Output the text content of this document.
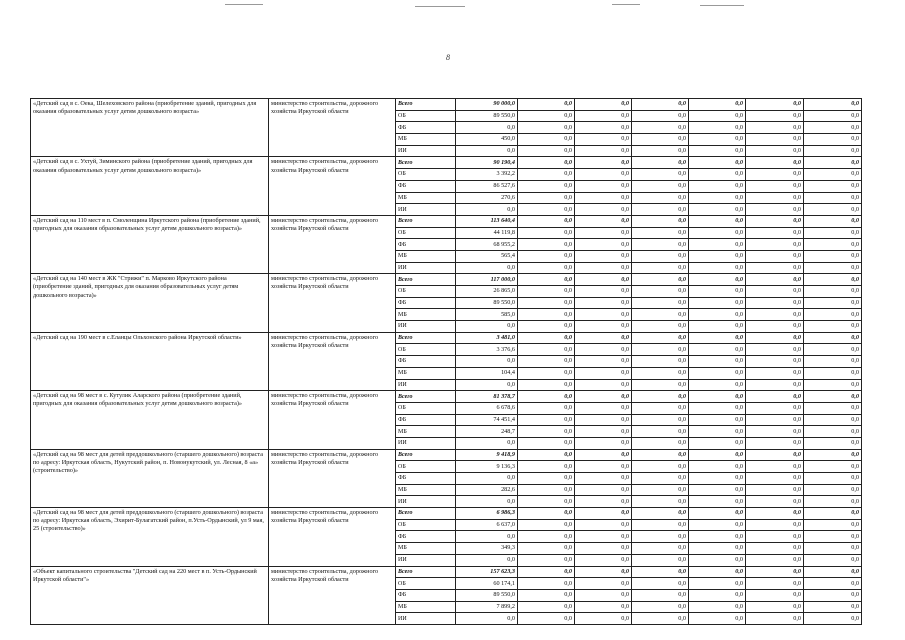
8
«Детский сад в с. Оека, Шелеховского района (приобретение зданий, пригодных для оказания образовательных услуг детям дошкольного возраста»	министерство строительства, дорожного хозяйства Иркутской области	Всего	90 000,0	0,0	0,0	0,0	0,0	0,0	0,0
		ОБ	89 550,0	0,0	0,0	0,0	0,0	0,0	0,0
		ФБ	0,0	0,0	0,0	0,0	0,0	0,0	0,0
		МБ	450,0	0,0	0,0	0,0	0,0	0,0	0,0
		ИИ	0,0	0,0	0,0	0,0	0,0	0,0	0,0
«Детский сад в с. Ухтуй, Зиминского района (приобретение зданий, пригодных для оказания образовательных услуг детям дошкольного возраста)»	министерство строительства, дорожного хозяйства Иркутской области	Всего	90 190,4	0,0	0,0	0,0	0,0	0,0	0,0
		ОБ	3 392,2	0,0	0,0	0,0	0,0	0,0	0,0
		ФБ	86 527,6	0,0	0,0	0,0	0,0	0,0	0,0
		МБ	270,6	0,0	0,0	0,0	0,0	0,0	0,0
		ИИ	0,0	0,0	0,0	0,0	0,0	0,0	0,0
«Детский сад на 110 мест в п. Смоленщина Иркутского района (приобретение зданий, пригодных для оказания образовательных услуг детям дошкольного возраста)»	министерство строительства, дорожного хозяйства Иркутской области	Всего	113 640,4	0,0	0,0	0,0	0,0	0,0	0,0
		ОБ	44 119,8	0,0	0,0	0,0	0,0	0,0	0,0
		ФБ	68 955,2	0,0	0,0	0,0	0,0	0,0	0,0
		МБ	565,4	0,0	0,0	0,0	0,0	0,0	0,0
		ИИ	0,0	0,0	0,0	0,0	0,0	0,0	0,0
«Детский сад на 140 мест в ЖК "Стрижи" п. Марково Иркутского района (приобретение зданий, пригодных для оказания образовательных услуг детям дошкольного возраста)»	министерство строительства, дорожного хозяйства Иркутской области	Всего	117 000,0	0,0	0,0	0,0	0,0	0,0	0,0
		ОБ	26 865,0	0,0	0,0	0,0	0,0	0,0	0,0
		ФБ	89 550,0	0,0	0,0	0,0	0,0	0,0	0,0
		МБ	585,0	0,0	0,0	0,0	0,0	0,0	0,0
		ИИ	0,0	0,0	0,0	0,0	0,0	0,0	0,0
«Детский сад на 190 мест в с.Еланцы Ольхонского района Иркутской области»	министерство строительства, дорожного хозяйства Иркутской области	Всего	3 481,0	0,0	0,0	0,0	0,0	0,0	0,0
		ОБ	3 376,6	0,0	0,0	0,0	0,0	0,0	0,0
		ФБ	0,0	0,0	0,0	0,0	0,0	0,0	0,0
		МБ	104,4	0,0	0,0	0,0	0,0	0,0	0,0
		ИИ	0,0	0,0	0,0	0,0	0,0	0,0	0,0
«Детский сад на 98 мест в с. Кутулик Аларского района (приобретение зданий, пригодных для оказания образовательных услуг детям дошкольного возраста)»	министерство строительства, дорожного хозяйства Иркутской области	Всего	81 378,7	0,0	0,0	0,0	0,0	0,0	0,0
		ОБ	6 678,6	0,0	0,0	0,0	0,0	0,0	0,0
		ФБ	74 451,4	0,0	0,0	0,0	0,0	0,0	0,0
		МБ	248,7	0,0	0,0	0,0	0,0	0,0	0,0
		ИИ	0,0	0,0	0,0	0,0	0,0	0,0	0,0
«Детский сад на 98 мест для детей преддошкольного (старшего дошкольного) возраста по адресу: Иркутская область, Нукутский район, п. Новонукутский, ул. Лесная, 8 «а» (строительство)»	министерство строительства, дорожного хозяйства Иркутской области	Всего	9 418,9	0,0	0,0	0,0	0,0	0,0	0,0
		ОБ	9 136,3	0,0	0,0	0,0	0,0	0,0	0,0
		ФБ	0,0	0,0	0,0	0,0	0,0	0,0	0,0
		МБ	282,6	0,0	0,0	0,0	0,0	0,0	0,0
		ИИ	0,0	0,0	0,0	0,0	0,0	0,0	0,0
«Детский сад на 98 мест для детей преддошкольного (старшего дошкольного) возраста по адресу: Иркутская область, Эхирит-Булагатский район, п.Усть-Ордынский, ул 9 мая, 25 (строительство)»	министерство строительства, дорожного хозяйства Иркутской области	Всего	6 986,3	0,0	0,0	0,0	0,0	0,0	0,0
		ОБ	6 637,0	0,0	0,0	0,0	0,0	0,0	0,0
		ФБ	0,0	0,0	0,0	0,0	0,0	0,0	0,0
		МБ	349,3	0,0	0,0	0,0	0,0	0,0	0,0
		ИИ	0,0	0,0	0,0	0,0	0,0	0,0	0,0
«Объект капитального строительства "Детский сад на 220 мест в п. Усть-Ордынский Иркутской области"»	министерство строительства, дорожного хозяйства Иркутской области	Всего	157 623,3	0,0	0,0	0,0	0,0	0,0	0,0
		ОБ	60 174,1	0,0	0,0	0,0	0,0	0,0	0,0
		ФБ	89 550,0	0,0	0,0	0,0	0,0	0,0	0,0
		МБ	7 899,2	0,0	0,0	0,0	0,0	0,0	0,0
		ИИ	0,0	0,0	0,0	0,0	0,0	0,0	0,0
